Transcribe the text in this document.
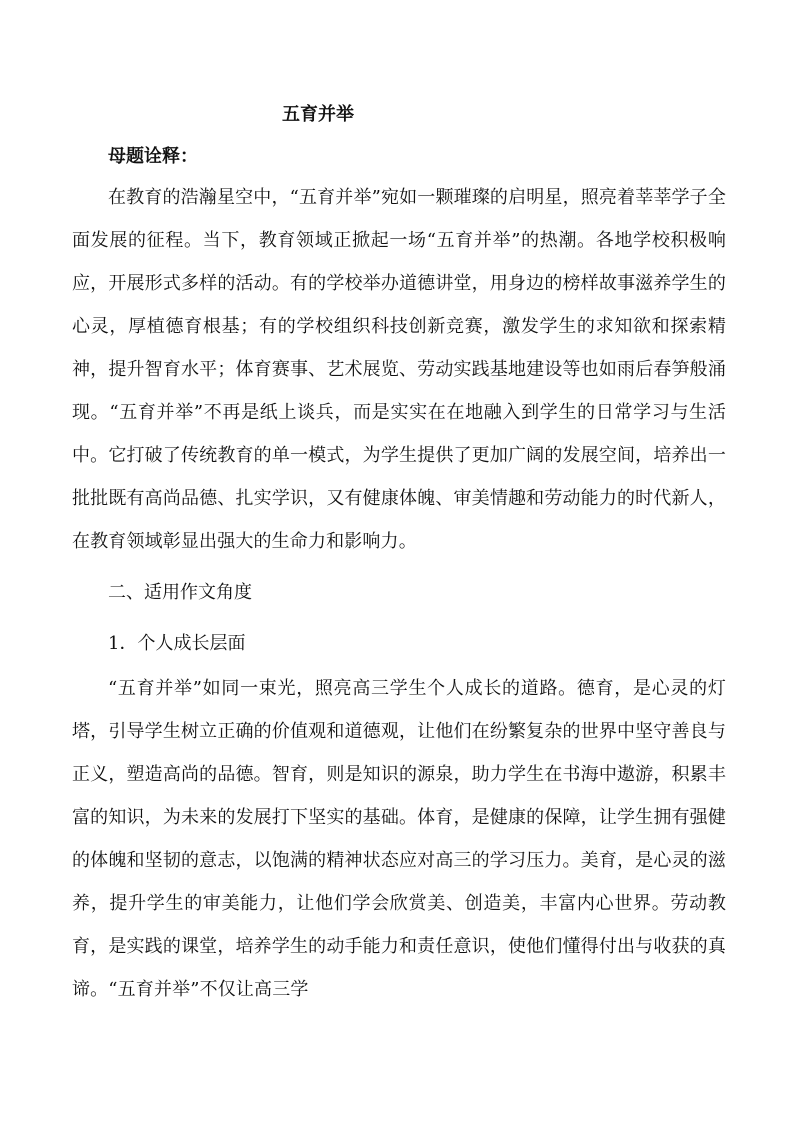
五育并举
母题诠释：

在教育的浩瀚星空中，“五育并举”宛如一颗璀璨的启明星，照亮着莘莘学子全面发展的征程。当下，教育领域正掀起一场“五育并举”的热潮。各地学校积极响应，开展形式多样的活动。有的学校举办道德讲堂，用身边的榜样故事滋养学生的心灵，厚植德育根基；有的学校组织科技创新竞赛，激发学生的求知欲和探索精神，提升智育水平；体育赛事、艺术展览、劳动实践基地建设等也如雨后春笋般涌现。“五育并举”不再是纸上谈兵，而是实实在在地融入到学生的日常学习与生活中。它打破了传统教育的单一模式，为学生提供了更加广阔的发展空间，培养出一批批既有高尚品德、扎实学识，又有健康体魄、审美情趣和劳动能力的时代新人，在教育领域彰显出强大的生命力和影响力。

二、适用作文角度
1．个人成长层面

“五育并举”如同一束光，照亮高三学生个人成长的道路。德育，是心灵的灯塔，引导学生树立正确的价值观和道德观，让他们在纷繁复杂的世界中坚守善良与正义，塑造高尚的品德。智育，则是知识的源泉，助力学生在书海中遨游，积累丰富的知识，为未来的发展打下坚实的基础。体育，是健康的保障，让学生拥有强健的体魄和坚韧的意志，以饱满的精神状态应对高三的学习压力。美育，是心灵的滋养，提升学生的审美能力，让他们学会欣赏美、创造美，丰富内心世界。劳动教育，是实践的课堂，培养学生的动手能力和责任意识，使他们懂得付出与收获的真谛。“五育并举”不仅让高三学
